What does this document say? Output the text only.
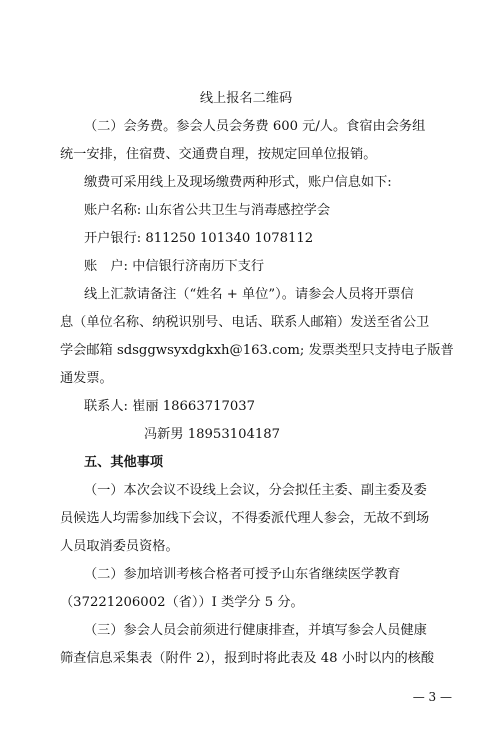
线上报名二维码
（二）会务费。参会人员会务费 600 元/人。食宿由会务组
统一安排，住宿费、交通费自理，按规定回单位报销。
缴费可采用线上及现场缴费两种形式，账户信息如下:
账户名称: 山东省公共卫生与消毒感控学会
开户银行: 811250 101340 1078112
账　户: 中信银行济南历下支行
线上汇款请备注（“姓名 + 单位”）。请参会人员将开票信
息（单位名称、纳税识别号、电话、联系人邮箱）发送至省公卫
学会邮箱 sdsggwsyxdgkxh@163.com; 发票类型只支持电子版普
通发票。
联系人: 崔丽 18663717037
冯新男 18953104187
五、其他事项
（一）本次会议不设线上会议，分会拟任主委、副主委及委
员候选人均需参加线下会议，不得委派代理人参会，无故不到场
人员取消委员资格。
（二）参加培训考核合格者可授予山东省继续医学教育
（37221206002（省））I 类学分 5 分。
（三）参会人员会前须进行健康排查，并填写参会人员健康
筛查信息采集表（附件 2），报到时将此表及 48 小时以内的核酸
— 3 —
